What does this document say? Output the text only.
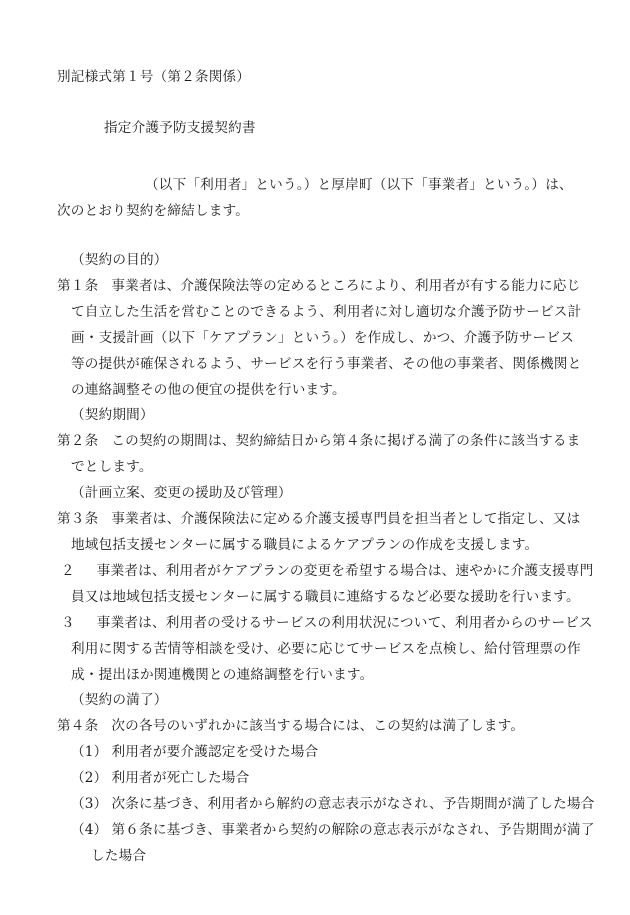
別記様式第１号（第２条関係）
指定介護予防支援契約書
（以下「利用者」という。）と厚岸町（以下「事業者」という。）は、
次のとおり契約を締結します。
（契約の目的）
第１条 事業者は、介護保険法等の定めるところにより、利用者が有する能力に応じ
て自立した生活を営むことのできるよう、利用者に対し適切な介護予防サービス計
画・支援計画（以下「ケアプラン」という。）を作成し、かつ、介護予防サービス
等の提供が確保されるよう、サービスを行う事業者、その他の事業者、関係機関と
の連絡調整その他の便宜の提供を行います。
（契約期間）
第２条 この契約の期間は、契約締結日から第４条に掲げる満了の条件に該当するま
でとします。
（計画立案、変更の援助及び管理）
第３条 事業者は、介護保険法に定める介護支援専門員を担当者として指定し、又は
地域包括支援センターに属する職員によるケアプランの作成を支援します。
２ 事業者は、利用者がケアプランの変更を希望する場合は、速やかに介護支援専門
員又は地域包括支援センターに属する職員に連絡するなど必要な援助を行います。
３ 事業者は、利用者の受けるサービスの利用状況について、利用者からのサービス
利用に関する苦情等相談を受け、必要に応じてサービスを点検し、給付管理票の作
成・提出ほか関連機関との連絡調整を行います。
（契約の満了）
第４条 次の各号のいずれかに該当する場合には、この契約は満了します。
（1） 利用者が要介護認定を受けた場合
（2） 利用者が死亡した場合
（3） 次条に基づき、利用者から解約の意志表示がなされ、予告期間が満了した場合
（4） 第６条に基づき、事業者から契約の解除の意志表示がなされ、予告期間が満了
した場合
